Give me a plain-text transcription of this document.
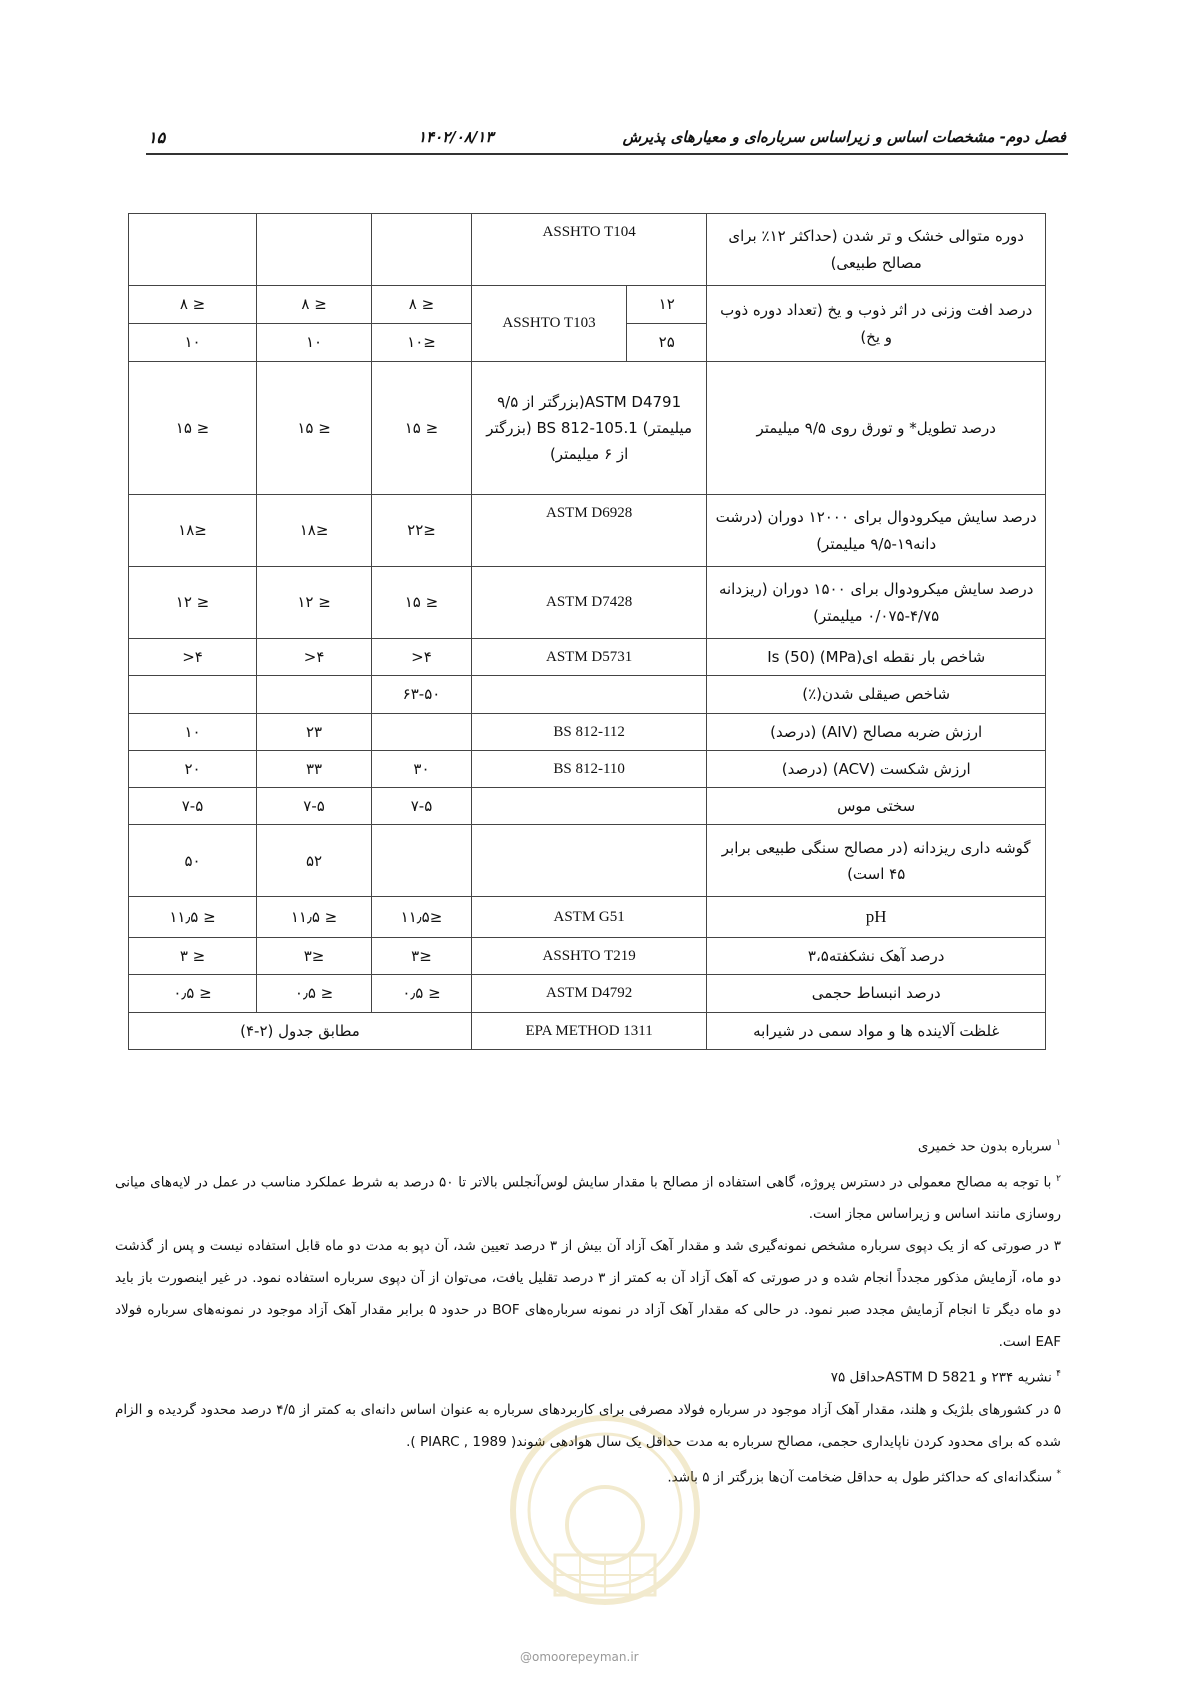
فصل دوم- مشخصات اساس و زیراساس سرباره‌ای و معیارهای پذیرش
۱۴۰۲/۰۸/۱۳
۱۵
			ASSHTO T104		دوره متوالی خشک و تر شدن (حداکثر ۱۲٪ برای مصالح طبیعی)
≤ ۸	≤ ۸	≤ ۸	ASSHTO T103	۱۲	درصد افت وزنی در اثر ذوب و یخ (تعداد دوره ذوب و یخ)
۱۰	۱۰	≤۱۰		۲۵	
≤ ۱۵	≤ ۱۵	≤ ۱۵	ASTM D4791(بزرگتر از ۹/۵ میلیمتر) BS 812-105.1 (بزرگتر از ۶ میلیمتر)		درصد تطویل* و تورق روی ۹/۵ میلیمتر
≤۱۸	≤۱۸	≤۲۲	ASTM D6928		درصد سایش میکرودوال برای ۱۲۰۰۰ دوران (درشت دانه۱۹-۹/۵ میلیمتر)
≤ ۱۲	≤ ۱۲	≤ ۱۵	ASTM D7428		درصد سایش میکرودوال برای ۱۵۰۰ دوران (ریزدانه ۴/۷۵-۰/۰۷۵ میلیمتر)
۴<	۴<	۴<	ASTM D5731		شاخص بار نقطه ای(MPa) (50) Is
		۶۳-۵۰			شاخص صیقلی شدن(٪)
۱۰	۲۳		BS 812-112		ارزش ضربه مصالح (AIV) (درصد)
۲۰	۳۳	۳۰	BS 812-110		ارزش شکست (ACV) (درصد)
۷-۵	۷-۵	۷-۵			سختی موس
۵۰	۵۲				گوشه داری ریزدانه (در مصالح سنگی طبیعی برابر ۴۵ است)
≤ ۱۱٫۵	≤ ۱۱٫۵	≤۱۱٫۵	ASTM G51		pH
≤ ۳	≤۳	≤۳	ASSHTO T219		درصد آهک نشکفته۳،۵
≤ ۰٫۵	≤ ۰٫۵	≤ ۰٫۵	ASTM D4792		درصد انبساط حجمی
مطابق جدول (۲-۴)			EPA METHOD 1311		غلظت آلاینده ها و مواد سمی در شیرابه

$^۱$ سرباره بدون حد خمیری

$^۲$ با توجه به مصالح معمولی در دسترس پروژه، گاهی استفاده از مصالح با مقدار سایش لوس‌آنجلس بالاتر تا ۵۰ درصد به شرط عملکرد مناسب در عمل در لایه‌های میانی روسازی مانند اساس و زیراساس مجاز است.

۳ در صورتی که از یک دپوی سرباره مشخص نمونه‌گیری شد و مقدار آهک آزاد آن بیش از ۳ درصد تعیین شد، آن دپو به مدت دو ماه قابل استفاده نیست و پس از گذشت دو ماه، آزمایش مذکور مجدداً انجام شده و در صورتی که آهک آزاد آن به کمتر از ۳ درصد تقلیل یافت، می‌توان از آن دپوی سرباره استفاده نمود. در غیر اینصورت باز باید دو ماه دیگر تا انجام آزمایش مجدد صبر نمود. در حالی که مقدار آهک آزاد در نمونه سرباره‌های BOF در حدود ۵ برابر مقدار آهک آزاد موجود در نمونه‌های سرباره فولاد EAF است.

$^۴$ نشریه ۲۳۴ و ASTM D 5821حداقل ۷۵

۵ در کشورهای بلژیک و هلند، مقدار آهک آزاد موجود در سرباره فولاد مصرفی برای کاربردهای سرباره به عنوان اساس دانه‌ای به کمتر از ۴/۵ درصد محدود گردیده و الزام شده که برای محدود کردن ناپایداری حجمی، مصالح سرباره به مدت حداقل یک سال هوادهی شوند( PIARC , 1989 ).

* سنگدانه‌ای که حداکثر طول به حداقل ضخامت آن‌ها بزرگتر از ۵ باشد.

@omoorepeyman.ir
